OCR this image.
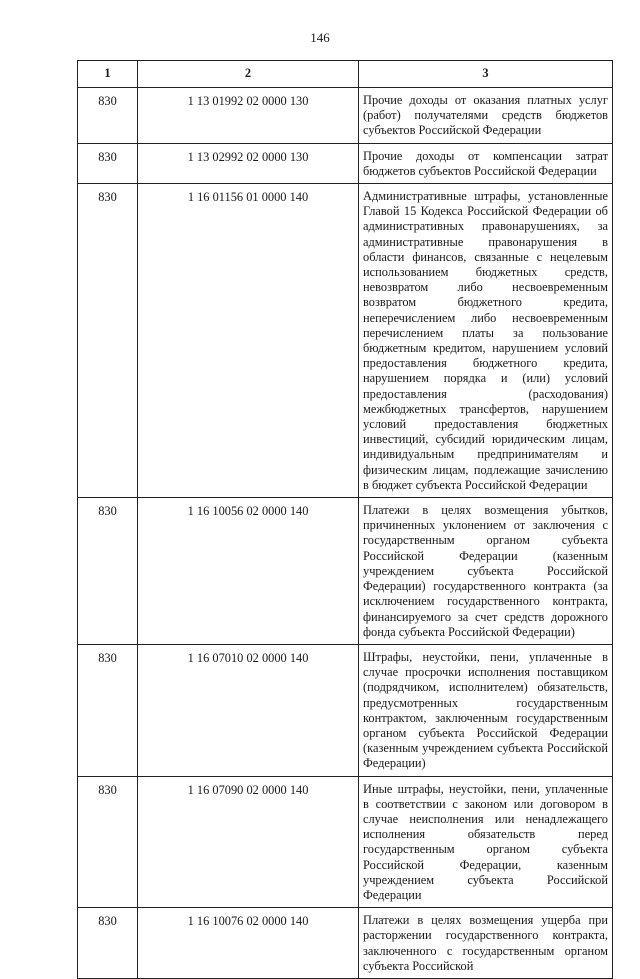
146
1	2	3
830	1 13 01992 02 0000 130	Прочие доходы от оказания платных услуг (работ) получателями средств бюджетов субъектов Российской Федерации
830	1 13 02992 02 0000 130	Прочие доходы от компенсации затрат бюджетов субъектов Российской Федерации
830	1 16 01156 01 0000 140	Административные штрафы, установленные Главой 15 Кодекса Российской Федерации об административных правонарушениях, за административные правонарушения в области финансов, связанные с нецелевым использованием бюджетных средств, невозвратом либо несвоевременным возвратом бюджетного кредита, неперечислением либо несвоевременным перечислением платы за пользование бюджетным кредитом, нарушением условий предоставления бюджетного кредита, нарушением порядка и (или) условий предоставления (расходования) межбюджетных трансфертов, нарушением условий предоставления бюджетных инвестиций, субсидий юридическим лицам, индивидуальным предпринимателям и физическим лицам, подлежащие зачислению в бюджет субъекта Российской Федерации
830	1 16 10056 02 0000 140	Платежи в целях возмещения убытков, причиненных уклонением от заключения с государственным органом субъекта Российской Федерации (казенным учреждением субъекта Российской Федерации) государственного контракта (за исключением государственного контракта, финансируемого за счет средств дорожного фонда субъекта Российской Федерации)
830	1 16 07010 02 0000 140	Штрафы, неустойки, пени, уплаченные в случае просрочки исполнения поставщиком (подрядчиком, исполнителем) обязательств, предусмотренных государственным контрактом, заключенным государственным органом субъекта Российской Федерации (казенным учреждением субъекта Российской Федерации)
830	1 16 07090 02 0000 140	Иные штрафы, неустойки, пени, уплаченные в соответствии с законом или договором в случае неисполнения или ненадлежащего исполнения обязательств перед государственным органом субъекта Российской Федерации, казенным учреждением субъекта Российской Федерации
830	1 16 10076 02 0000 140	Платежи в целях возмещения ущерба при расторжении государственного контракта, заключенного с государственным органом субъекта Российской
